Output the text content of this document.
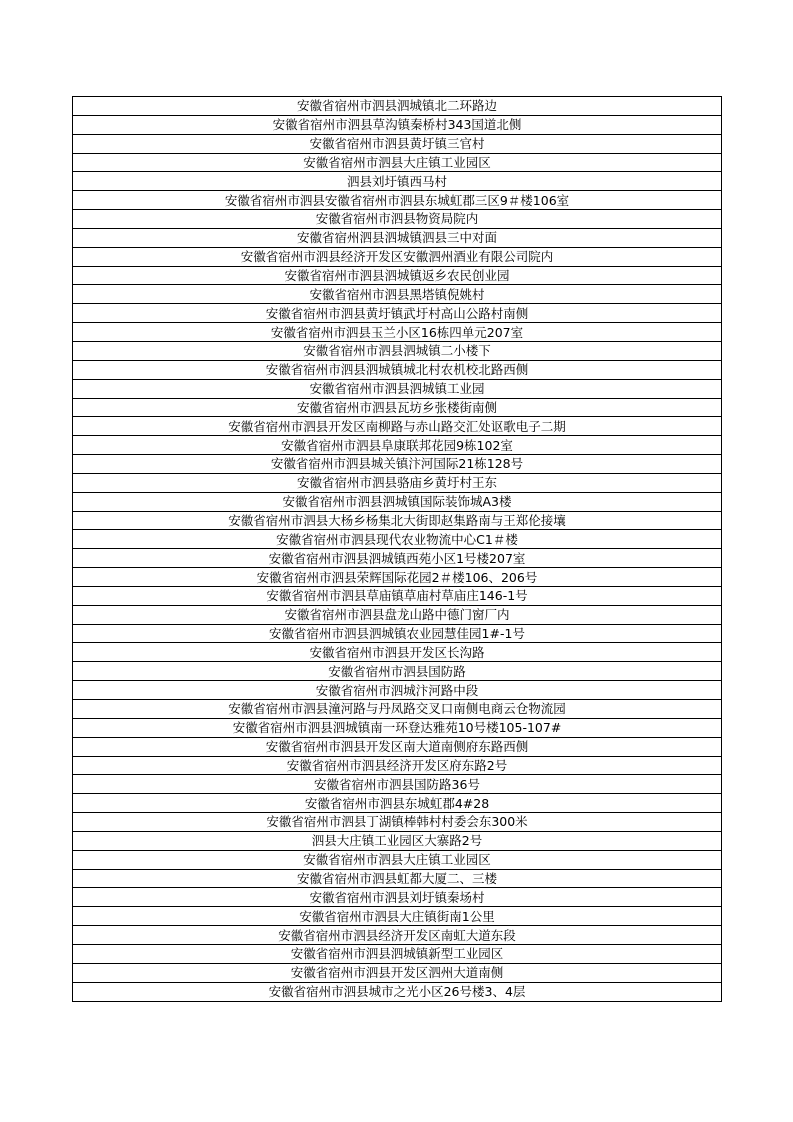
安徽省宿州市泗县泗城镇北二环路边
安徽省宿州市泗县草沟镇秦桥村343国道北侧
安徽省宿州市泗县黄圩镇三官村
安徽省宿州市泗县大庄镇工业园区
泗县刘圩镇西马村
安徽省宿州市泗县安徽省宿州市泗县东城虹郡三区9＃楼106室
安徽省宿州市泗县物资局院内
安徽省宿州泗县泗城镇泗县三中对面
安徽省宿州市泗县经济开发区安徽泗州酒业有限公司院内
安徽省宿州市泗县泗城镇返乡农民创业园
安徽省宿州市泗县黑塔镇倪姚村
安徽省宿州市泗县黄圩镇武圩村高山公路村南侧
安徽省宿州市泗县玉兰小区16栋四单元207室
安徽省宿州市泗县泗城镇二小楼下
安徽省宿州市泗县泗城镇城北村农机校北路西侧
安徽省宿州市泗县泗城镇工业园
安徽省宿州市泗县瓦坊乡张楼街南侧
安徽省宿州市泗县开发区南柳路与赤山路交汇处讴歌电子二期
安徽省宿州市泗县阜康联邦花园9栋102室
安徽省宿州市泗县城关镇汴河国际21栋128号
安徽省宿州市泗县骆庙乡黄圩村王东
安徽省宿州市泗县泗城镇国际装饰城A3楼
安徽省宿州市泗县大杨乡杨集北大街即赵集路南与王郑伦接壤
安徽省宿州市泗县现代农业物流中心C1＃楼
安徽省宿州市泗县泗城镇西苑小区1号楼207室
安徽省宿州市泗县荣辉国际花园2＃楼106、206号
安徽省宿州市泗县草庙镇草庙村草庙庄146-1号
安徽省宿州市泗县盘龙山路中德门窗厂内
安徽省宿州市泗县泗城镇农业园慧佳园1#-1号
安徽省宿州市泗县开发区长沟路
安徽省宿州市泗县国防路
安徽省宿州市泗城汴河路中段
安徽省宿州市泗县潼河路与丹凤路交叉口南侧电商云仓物流园
安徽省宿州市泗县泗城镇南一环登达雅苑10号楼105-107#
安徽省宿州市泗县开发区南大道南侧府东路西侧
安徽省宿州市泗县经济开发区府东路2号
安徽省宿州市泗县国防路36号
安徽省宿州市泗县东城虹郡4#28
安徽省宿州市泗县丁湖镇棒韩村村委会东300米
泗县大庄镇工业园区大寨路2号
安徽省宿州市泗县大庄镇工业园区
安徽省宿州市泗县虹都大厦二、三楼
安徽省宿州市泗县刘圩镇秦场村
安徽省宿州市泗县大庄镇街南1公里
安徽省宿州市泗县经济开发区南虹大道东段
安徽省宿州市泗县泗城镇新型工业园区
安徽省宿州市泗县开发区泗州大道南侧
安徽省宿州市泗县城市之光小区26号楼3、4层
